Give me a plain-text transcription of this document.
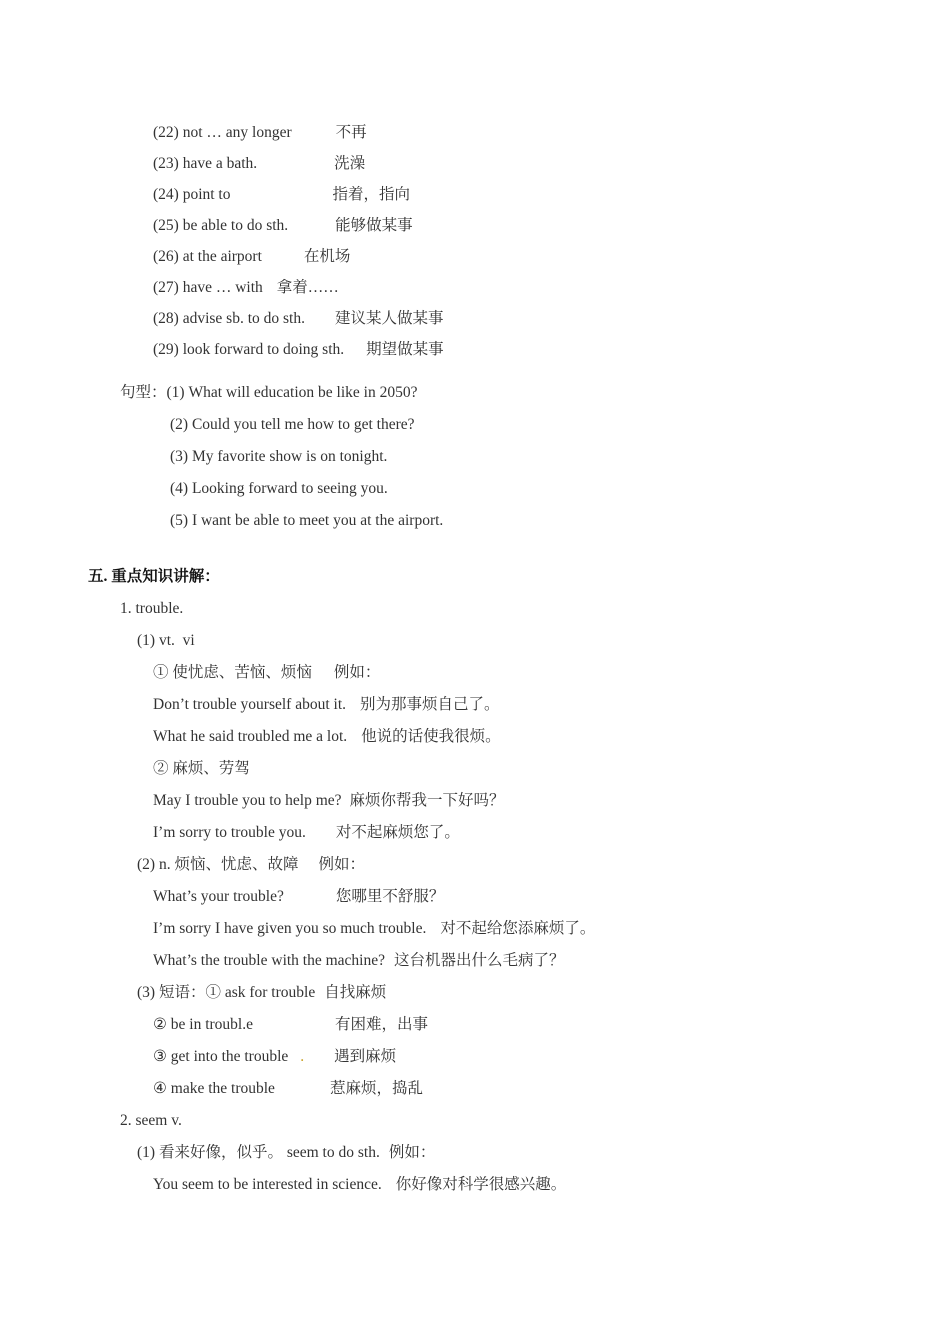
(22) not … any longer	不再
(23) have a bath.	洗澡
(24) point to	指着，指向
(25) be able to do sth.	能够做某事
(26) at the airport	在机场
(27) have … with 拿着……
(28) advise sb. to do sth. 建议某人做某事
(29) look forward to doing sth. 期望做某事
句型：(1) What will education be like in 2050?
(2) Could you tell me how to get there?
(3) My favorite show is on tonight.
(4) Looking forward to seeing you.
(5) I want be able to meet you at the airport.
五. 重点知识讲解：
1. trouble.
(1) vt.  vi
① 使忧虑、苦恼、烦恼 例如：
Don’t trouble yourself about it. 别为那事烦自己了。
What he said troubled me a lot. 他说的话使我很烦。
② 麻烦、劳驾
May I trouble you to help me? 麻烦你帮我一下好吗？
I’m sorry to trouble you. 对不起麻烦您了。
(2) n. 烦恼、忧虑、故障 例如：
What’s your trouble?	您哪里不舒服？
I’m sorry I have given you so much trouble. 对不起给您添麻烦了。
What’s the trouble with the machine? 这台机器出什么毛病了？
(3) 短语：① ask for trouble 自找麻烦
② be in troubl.e	有困难，出事
③ get into the trouble . 遇到麻烦
④ make the trouble	惹麻烦，捣乱
2. seem v.
(1) 看来好像，似乎。 seem to do sth. 例如：
You seem to be interested in science. 你好像对科学很感兴趣。
